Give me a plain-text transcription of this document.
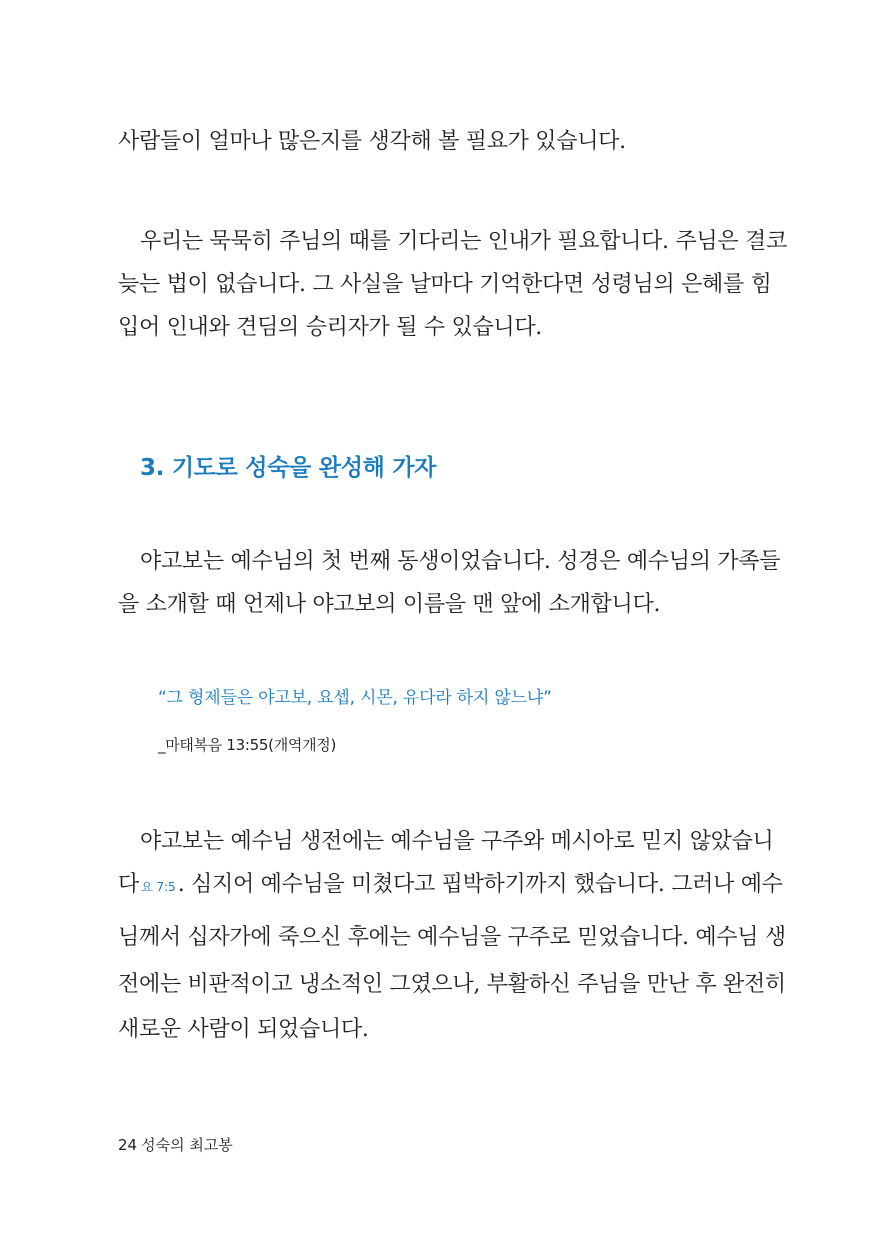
사람들이 얼마나 많은지를 생각해 볼 필요가 있습니다.
우리는 묵묵히 주님의 때를 기다리는 인내가 필요합니다. 주님은 결코
늦는 법이 없습니다. 그 사실을 날마다 기억한다면 성령님의 은혜를 힘
입어 인내와 견딤의 승리자가 될 수 있습니다.
3. 기도로 성숙을 완성해 가자
야고보는 예수님의 첫 번째 동생이었습니다. 성경은 예수님의 가족들
을 소개할 때 언제나 야고보의 이름을 맨 앞에 소개합니다.
“그 형제들은 야고보, 요셉, 시몬, 유다라 하지 않느냐”
_마태복음 13:55(개역개정)
야고보는 예수님 생전에는 예수님을 구주와 메시아로 믿지 않았습니
다요 7:5. 심지어 예수님을 미쳤다고 핍박하기까지 했습니다. 그러나 예수
님께서 십자가에 죽으신 후에는 예수님을 구주로 믿었습니다. 예수님 생
전에는 비판적이고 냉소적인 그였으나, 부활하신 주님을 만난 후 완전히
새로운 사람이 되었습니다.
24 성숙의 최고봉
